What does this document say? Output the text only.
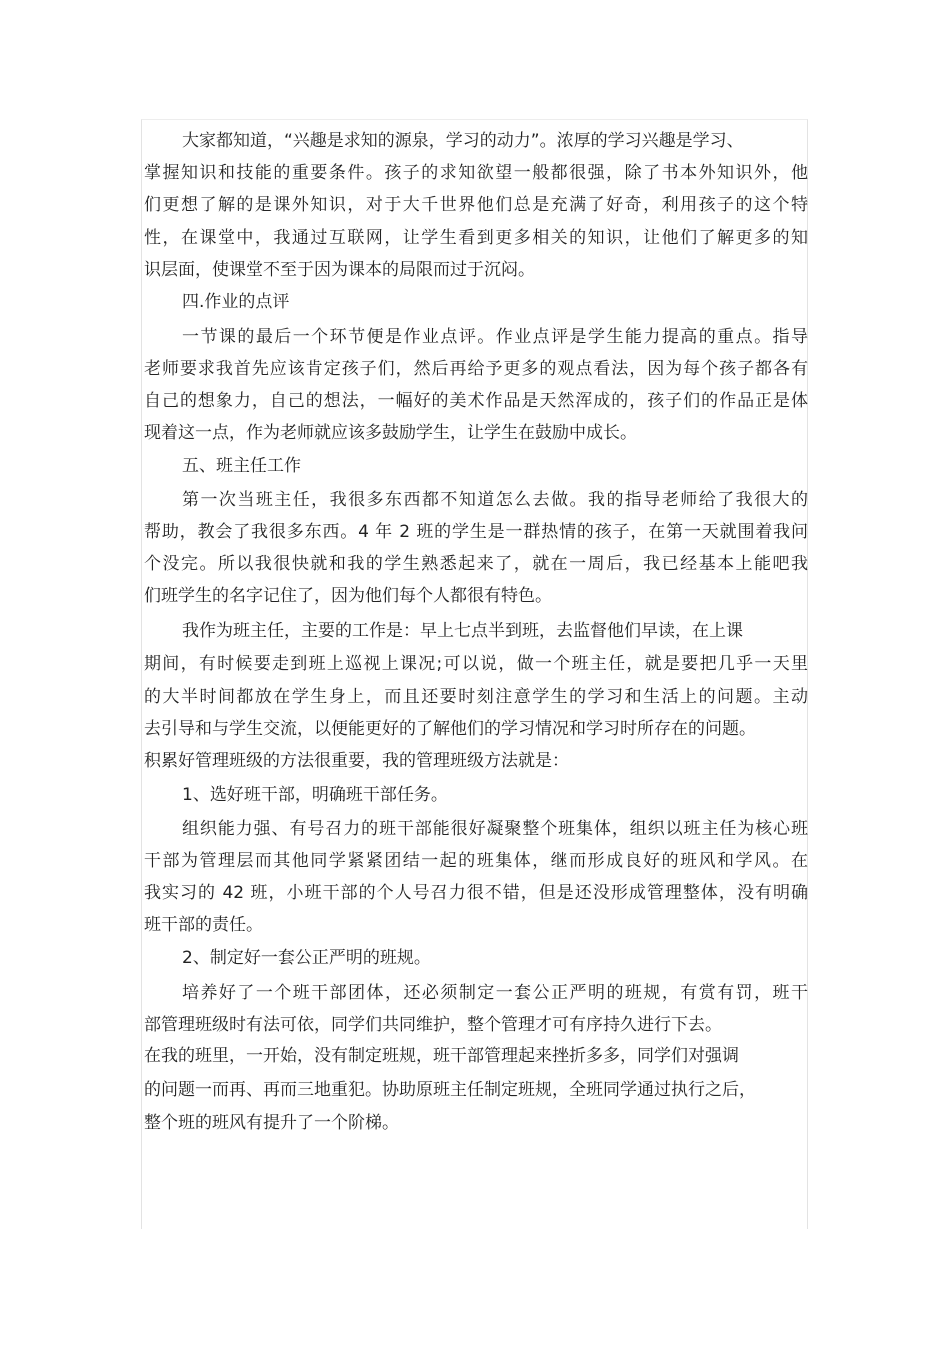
大家都知道，“兴趣是求知的源泉，学习的动力”。浓厚的学习兴趣是学习、
掌握知识和技能的重要条件。孩子的求知欲望一般都很强，除了书本外知识外，他
们更想了解的是课外知识，对于大千世界他们总是充满了好奇，利用孩子的这个特
性，在课堂中，我通过互联网，让学生看到更多相关的知识，让他们了解更多的知
识层面，使课堂不至于因为课本的局限而过于沉闷。
四.作业的点评
一节课的最后一个环节便是作业点评。作业点评是学生能力提高的重点。指导
老师要求我首先应该肯定孩子们，然后再给予更多的观点看法，因为每个孩子都各有
自己的想象力，自己的想法，一幅好的美术作品是天然浑成的，孩子们的作品正是体
现着这一点，作为老师就应该多鼓励学生，让学生在鼓励中成长。
五、班主任工作
第一次当班主任，我很多东西都不知道怎么去做。我的指导老师给了我很大的
帮助，教会了我很多东西。4 年 2 班的学生是一群热情的孩子，在第一天就围着我问
个没完。所以我很快就和我的学生熟悉起来了，就在一周后，我已经基本上能吧我
们班学生的名字记住了，因为他们每个人都很有特色。
我作为班主任，主要的工作是：早上七点半到班，去监督他们早读，在上课
期间，有时候要走到班上巡视上课况;可以说，做一个班主任，就是要把几乎一天里
的大半时间都放在学生身上，而且还要时刻注意学生的学习和生活上的问题。主动
去引导和与学生交流，以便能更好的了解他们的学习情况和学习时所存在的问题。
积累好管理班级的方法很重要，我的管理班级方法就是：
1、选好班干部，明确班干部任务。
组织能力强、有号召力的班干部能很好凝聚整个班集体，组织以班主任为核心班
干部为管理层而其他同学紧紧团结一起的班集体，继而形成良好的班风和学风。在
我实习的 42 班，小班干部的个人号召力很不错，但是还没形成管理整体，没有明确
班干部的责任。
2、制定好一套公正严明的班规。
培养好了一个班干部团体，还必须制定一套公正严明的班规，有赏有罚，班干
部管理班级时有法可依，同学们共同维护，整个管理才可有序持久进行下去。
在我的班里，一开始，没有制定班规，班干部管理起来挫折多多，同学们对强调
的问题一而再、再而三地重犯。协助原班主任制定班规，全班同学通过执行之后，
整个班的班风有提升了一个阶梯。
